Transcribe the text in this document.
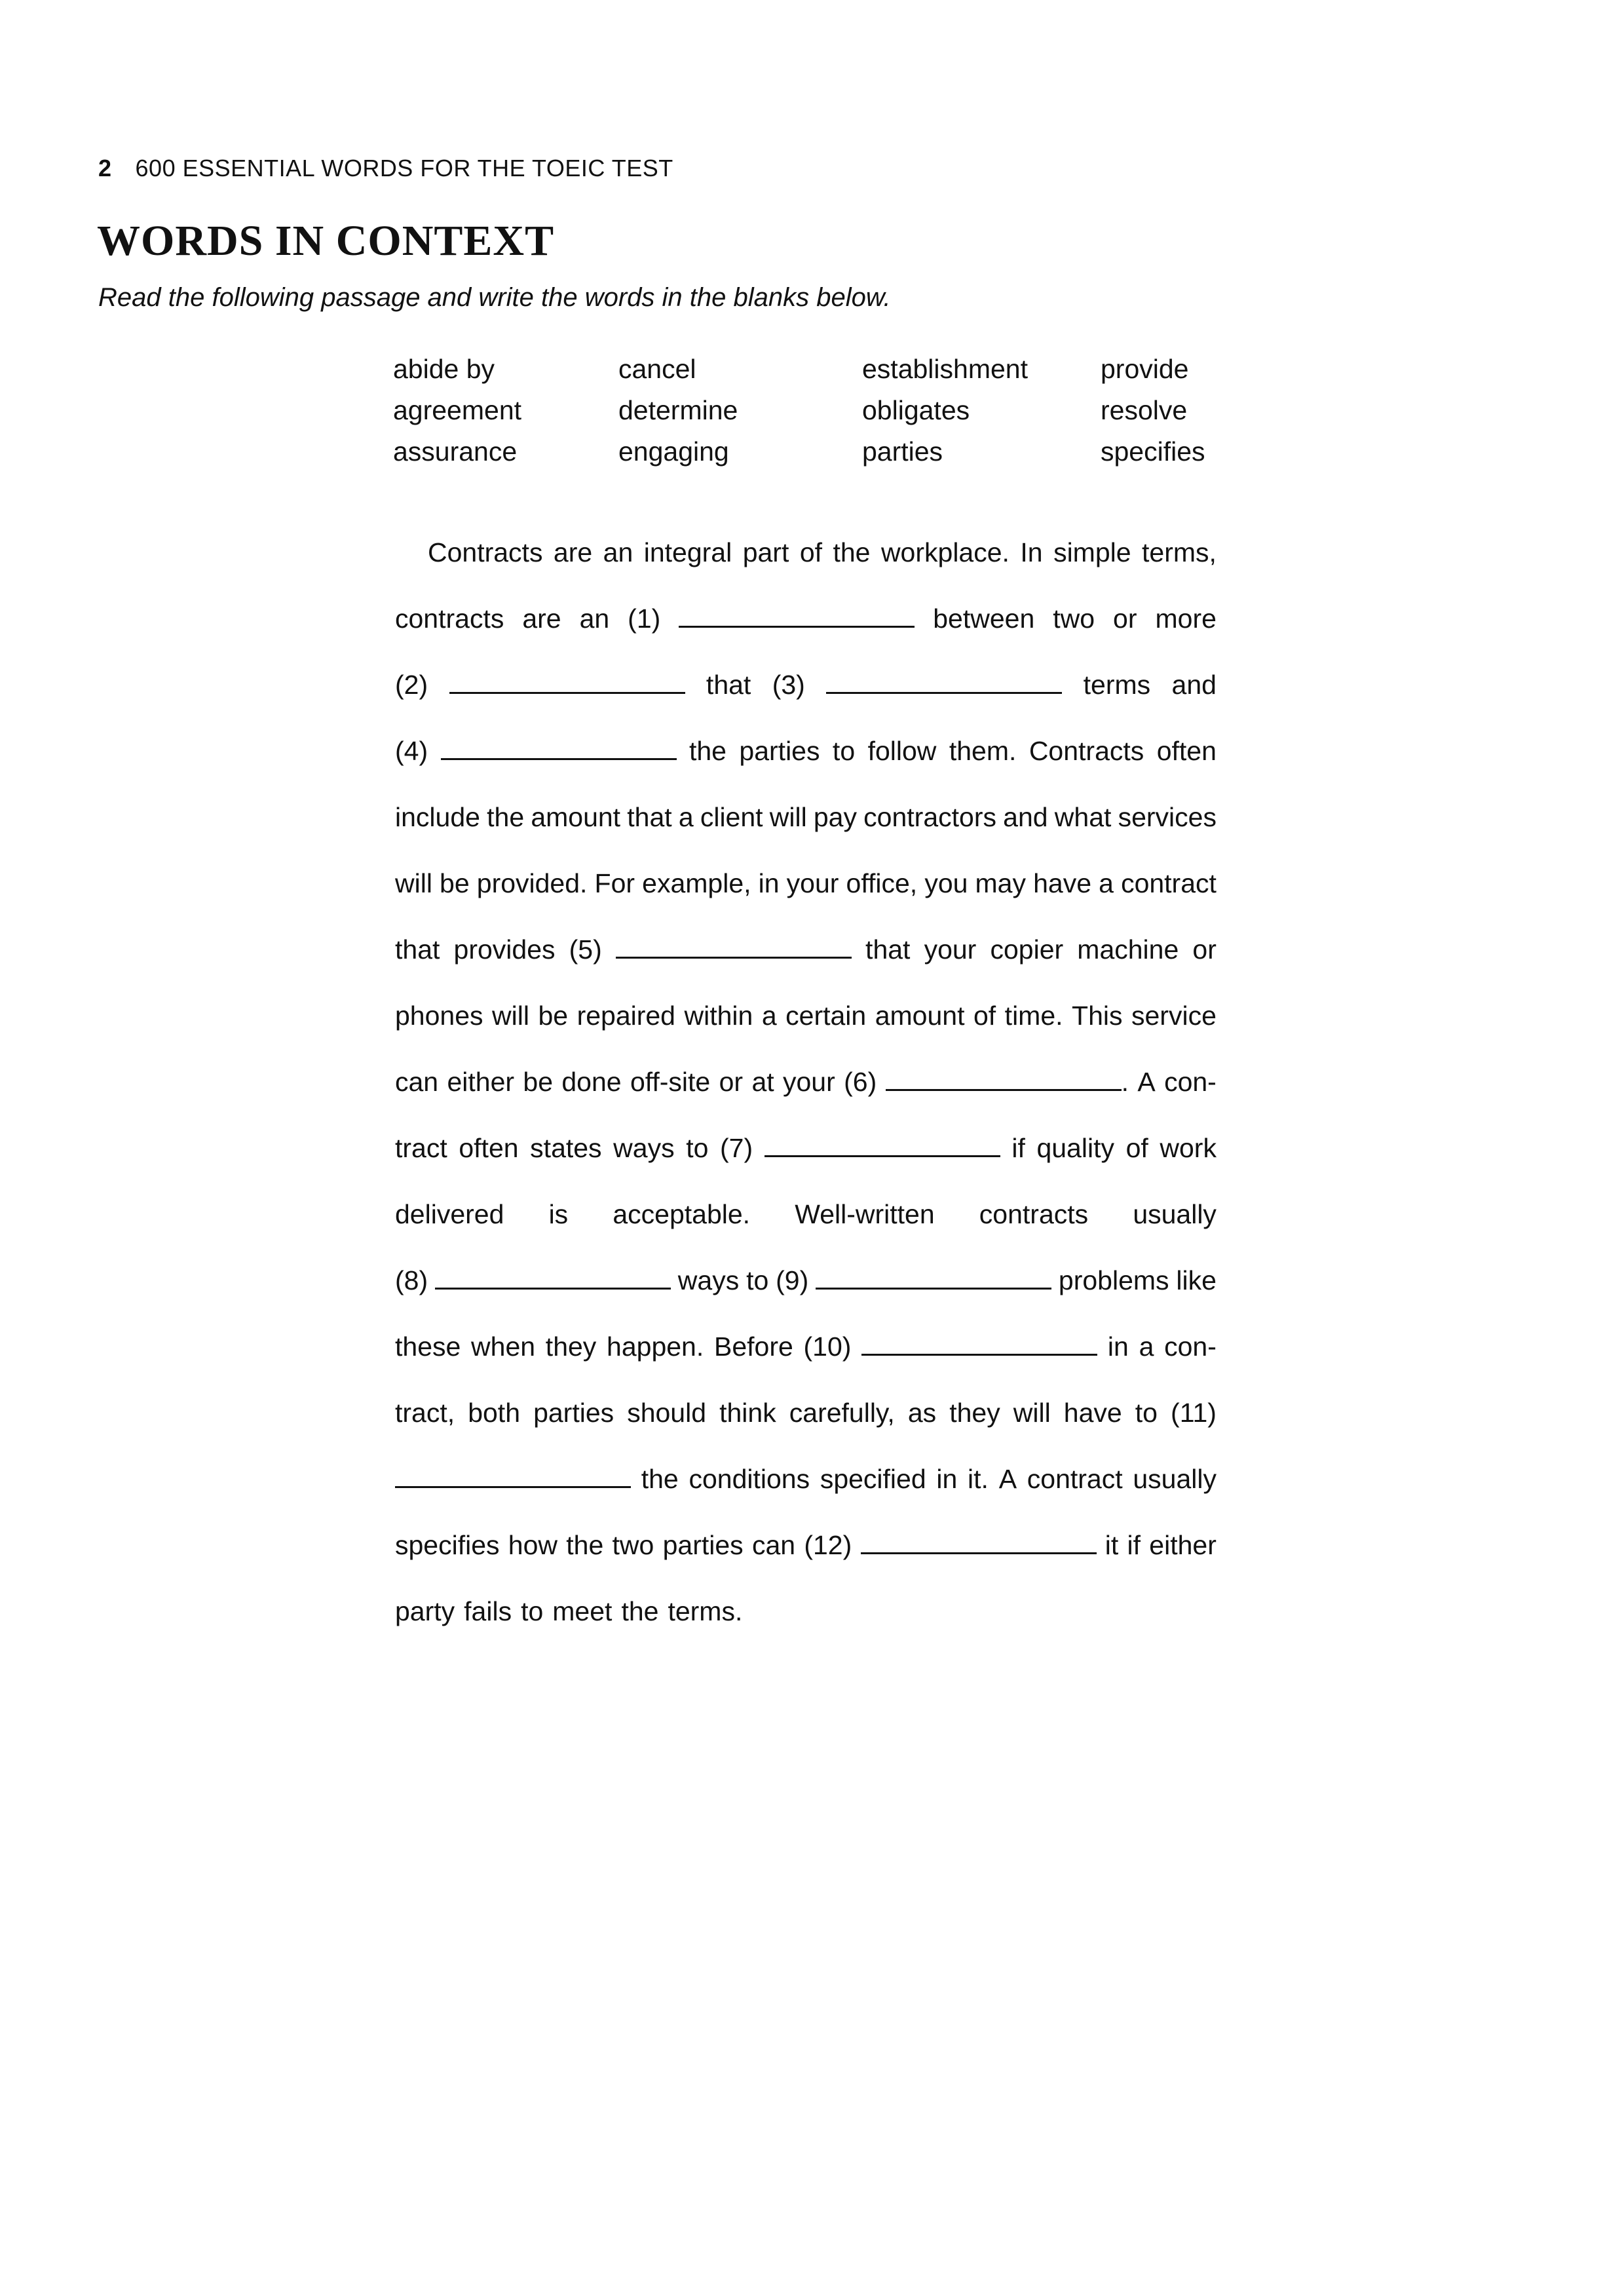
2 600 ESSENTIAL WORDS FOR THE TOEIC TEST
WORDS IN CONTEXT

Read the following passage and write the words in the blanks below.

abide by	cancel	establishment	provide
agreement	determine	obligates	resolve
assurance	engaging	parties	specifies
Contracts are an integral part of the workplace. In simple terms,
contracts are an (1)	between two or more
(2)	that (3)	terms and
(4)	the parties to follow them. Contracts often
include the amount that a client will pay contractors and what services
will be provided. For example, in your office, you may have a contract
that provides (5)	that your copier machine or
phones will be repaired within a certain amount of time. This service
can either be done off-site or at your (6)	. A con-
tract often states ways to (7)	if quality of work
delivered is acceptable. Well-written contracts usually
(8)	ways to (9)	problems like
these when they happen. Before (10)	in a con-
tract, both parties should think carefully, as they will have to (11)
the conditions specified in it. A contract usually
specifies how the two parties can (12)	it if either
party fails to meet the terms.
